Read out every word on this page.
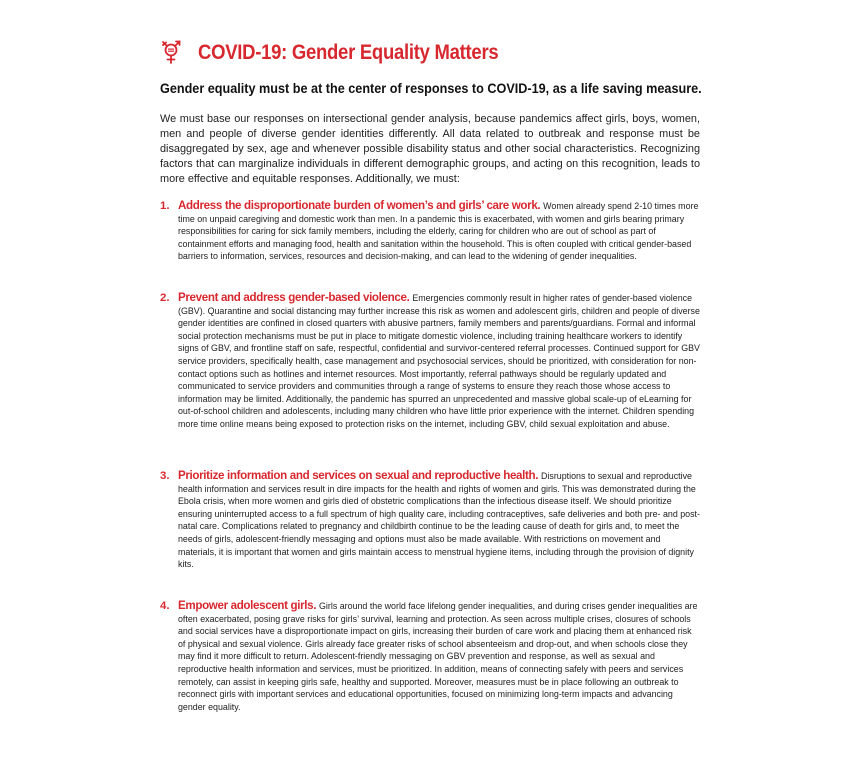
COVID-19: Gender Equality Matters
Gender equality must be at the center of responses to COVID-19, as a life saving measure.
We must base our responses on intersectional gender analysis, because pandemics affect girls, boys, women, men and people of diverse gender identities differently. All data related to outbreak and response must be disaggregated by sex, age and whenever possible disability status and other social characteristics. Recognizing factors that can marginalize individuals in different demographic groups, and acting on this recognition, leads to more effective and equitable responses. Additionally, we must:
1. Address the disproportionate burden of women’s and girls’ care work. Women already spend 2-10 times more time on unpaid caregiving and domestic work than men. In a pandemic this is exacerbated, with women and girls bearing primary responsibilities for caring for sick family members, including the elderly, caring for children who are out of school as part of containment efforts and managing food, health and sanitation within the household. This is often coupled with critical gender-based barriers to information, services, resources and decision-making, and can lead to the widening of gender inequalities.
2. Prevent and address gender-based violence. Emergencies commonly result in higher rates of gender-based violence (GBV). Quarantine and social distancing may further increase this risk as women and adolescent girls, children and people of diverse gender identities are confined in closed quarters with abusive partners, family members and parents/guardians. Formal and informal social protection mechanisms must be put in place to mitigate domestic violence, including training healthcare workers to identify signs of GBV, and frontline staff on safe, respectful, confidential and survivor-centered referral processes. Continued support for GBV service providers, specifically health, case management and psychosocial services, should be prioritized, with consideration for non-contact options such as hotlines and internet resources. Most importantly, referral pathways should be regularly updated and communicated to service providers and communities through a range of systems to ensure they reach those whose access to information may be limited. Additionally, the pandemic has spurred an unprecedented and massive global scale-up of eLearning for out-of-school children and adolescents, including many children who have little prior experience with the internet. Children spending more time online means being exposed to protection risks on the internet, including GBV, child sexual exploitation and abuse.
3. Prioritize information and services on sexual and reproductive health. Disruptions to sexual and reproductive health information and services result in dire impacts for the health and rights of women and girls. This was demonstrated during the Ebola crisis, when more women and girls died of obstetric complications than the infectious disease itself. We should prioritize ensuring uninterrupted access to a full spectrum of high quality care, including contraceptives, safe deliveries and both pre- and post- natal care. Complications related to pregnancy and childbirth continue to be the leading cause of death for girls and, to meet the needs of girls, adolescent-friendly messaging and options must also be made available. With restrictions on movement and materials, it is important that women and girls maintain access to menstrual hygiene items, including through the provision of dignity kits.
4. Empower adolescent girls. Girls around the world face lifelong gender inequalities, and during crises gender inequalities are often exacerbated, posing grave risks for girls’ survival, learning and protection. As seen across multiple crises, closures of schools and social services have a disproportionate impact on girls, increasing their burden of care work and placing them at enhanced risk of physical and sexual violence. Girls already face greater risks of school absenteeism and drop-out, and when schools close they may find it more difficult to return. Adolescent-friendly messaging on GBV prevention and response, as well as sexual and reproductive health information and services, must be prioritized. In addition, means of connecting safely with peers and services remotely, can assist in keeping girls safe, healthy and supported. Moreover, measures must be in place following an outbreak to reconnect girls with important services and educational opportunities, focused on minimizing long-term impacts and advancing gender equality.
